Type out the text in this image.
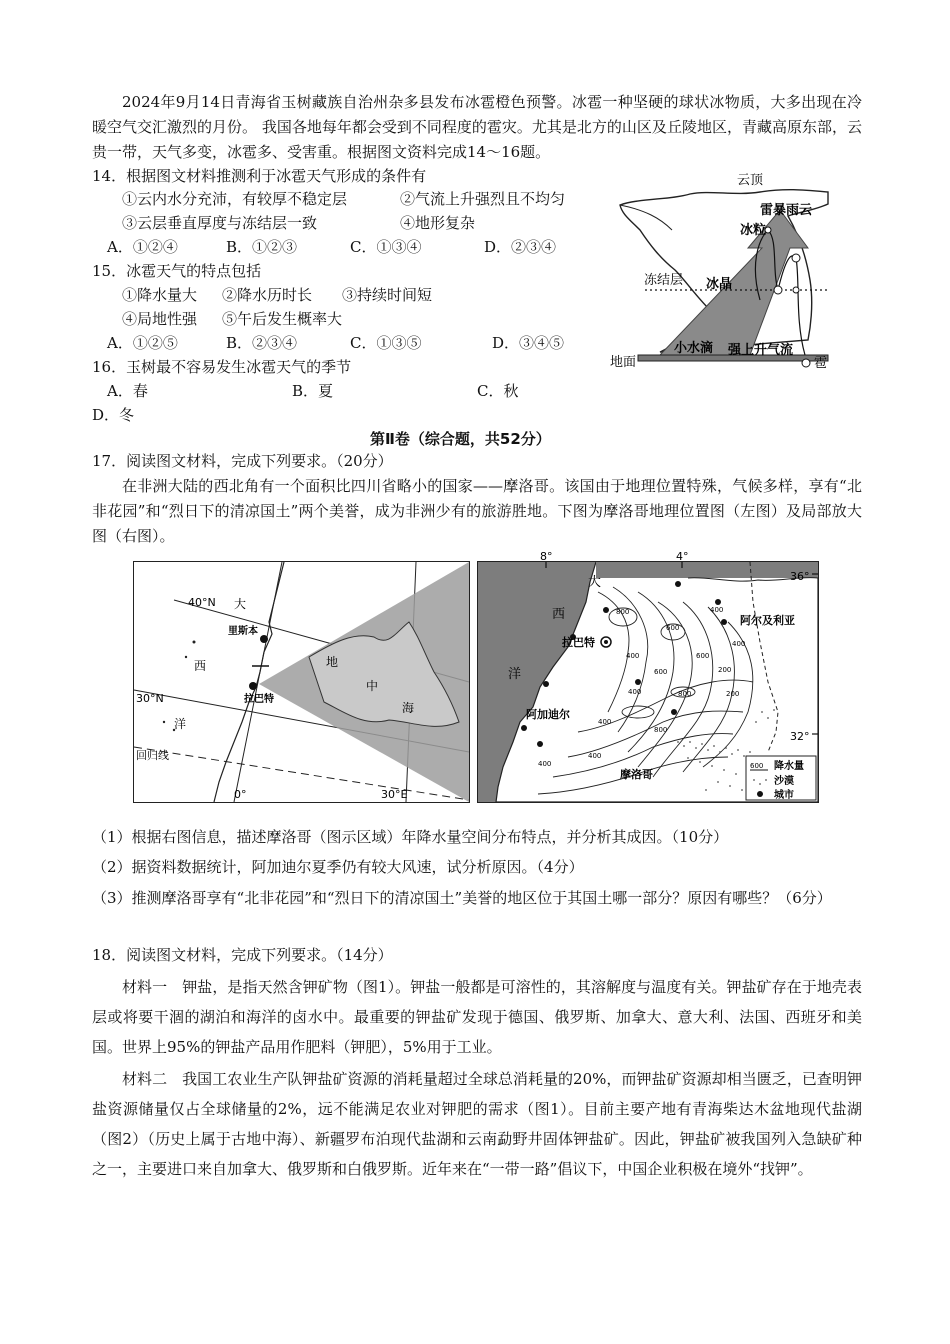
2024年9月14日青海省玉树藏族自治州杂多县发布冰雹橙色预警。冰雹一种坚硬的球状冰物质，大多出现在冷暖空气交汇激烈的月份。 我国各地每年都会受到不同程度的雹灾。尤其是北方的山区及丘陵地区，青藏高原东部，云贵一带，天气多变，冰雹多、受害重。根据图文资料完成14～16题。
14．根据图文材料推测利于冰雹天气形成的条件有
①云内水分充沛，有较厚不稳定层	②气流上升强烈且不均匀
③云层垂直厚度与冻结层一致	④地形复杂
A．①②④	B．①②③	C．①③④	D．②③④
15．冰雹天气的特点包括
①降水量大 ②降水历时长 ③持续时间短
④局地性强 ⑤午后发生概率大
A．①②⑤	B．②③④	C．①③⑤	D．③④⑤
16．玉树最不容易发生冰雹天气的季节
A．春	B．夏	C．秋
D．冬
云顶
雷暴雨云
冰粒
冻结层 冰晶
地面
小水滴 强上升气流
雹
第Ⅱ卷（综合题，共52分）
17．阅读图文材料，完成下列要求。（20分）
在非洲大陆的西北角有一个面积比四川省略小的国家——摩洛哥。该国由于地理位置特殊，气候多样，享有“北非花园”和“烈日下的清凉国土”两个美誉，成为非洲少有的旅游胜地。下图为摩洛哥地理位置图（左图）及局部放大图（右图）。
40°N
30°N
回归线
0°	30°E
里斯本
拉巴特
大
西
洋
地
中
海
800
600
400
400	600
400
400
200
600
800
400
200
800
400
400
8°	4°
36°
32°
大
西
洋
拉巴特
阿加迪尔
阿尔及利亚
摩洛哥
600 降水量
沙漠
城市
（1）根据右图信息，描述摩洛哥（图示区域）年降水量空间分布特点，并分析其成因。（10分）
（2）据资料数据统计，阿加迪尔夏季仍有较大风速，试分析原因。（4分）
（3）推测摩洛哥享有“北非花园”和“烈日下的清凉国土”美誉的地区位于其国土哪一部分？原因有哪些？（6分）
18．阅读图文材料，完成下列要求。（14分）
材料一　钾盐，是指天然含钾矿物（图1）。钾盐一般都是可溶性的，其溶解度与温度有关。钾盐矿存在于地壳表层或将要干涸的湖泊和海洋的卤水中。最重要的钾盐矿发现于德国、俄罗斯、加拿大、意大利、法国、西班牙和美国。世界上95%的钾盐产品用作肥料（钾肥），5%用于工业。
材料二　我国工农业生产队钾盐矿资源的消耗量超过全球总消耗量的20%，而钾盐矿资源却相当匮乏，已查明钾盐资源储量仅占全球储量的2%，远不能满足农业对钾肥的需求（图1）。目前主要产地有青海柴达木盆地现代盐湖（图2）（历史上属于古地中海）、新疆罗布泊现代盐湖和云南勐野井固体钾盐矿。因此，钾盐矿被我国列入急缺矿种之一，主要进口来自加拿大、俄罗斯和白俄罗斯。近年来在“一带一路”倡议下，中国企业积极在境外“找钾”。
